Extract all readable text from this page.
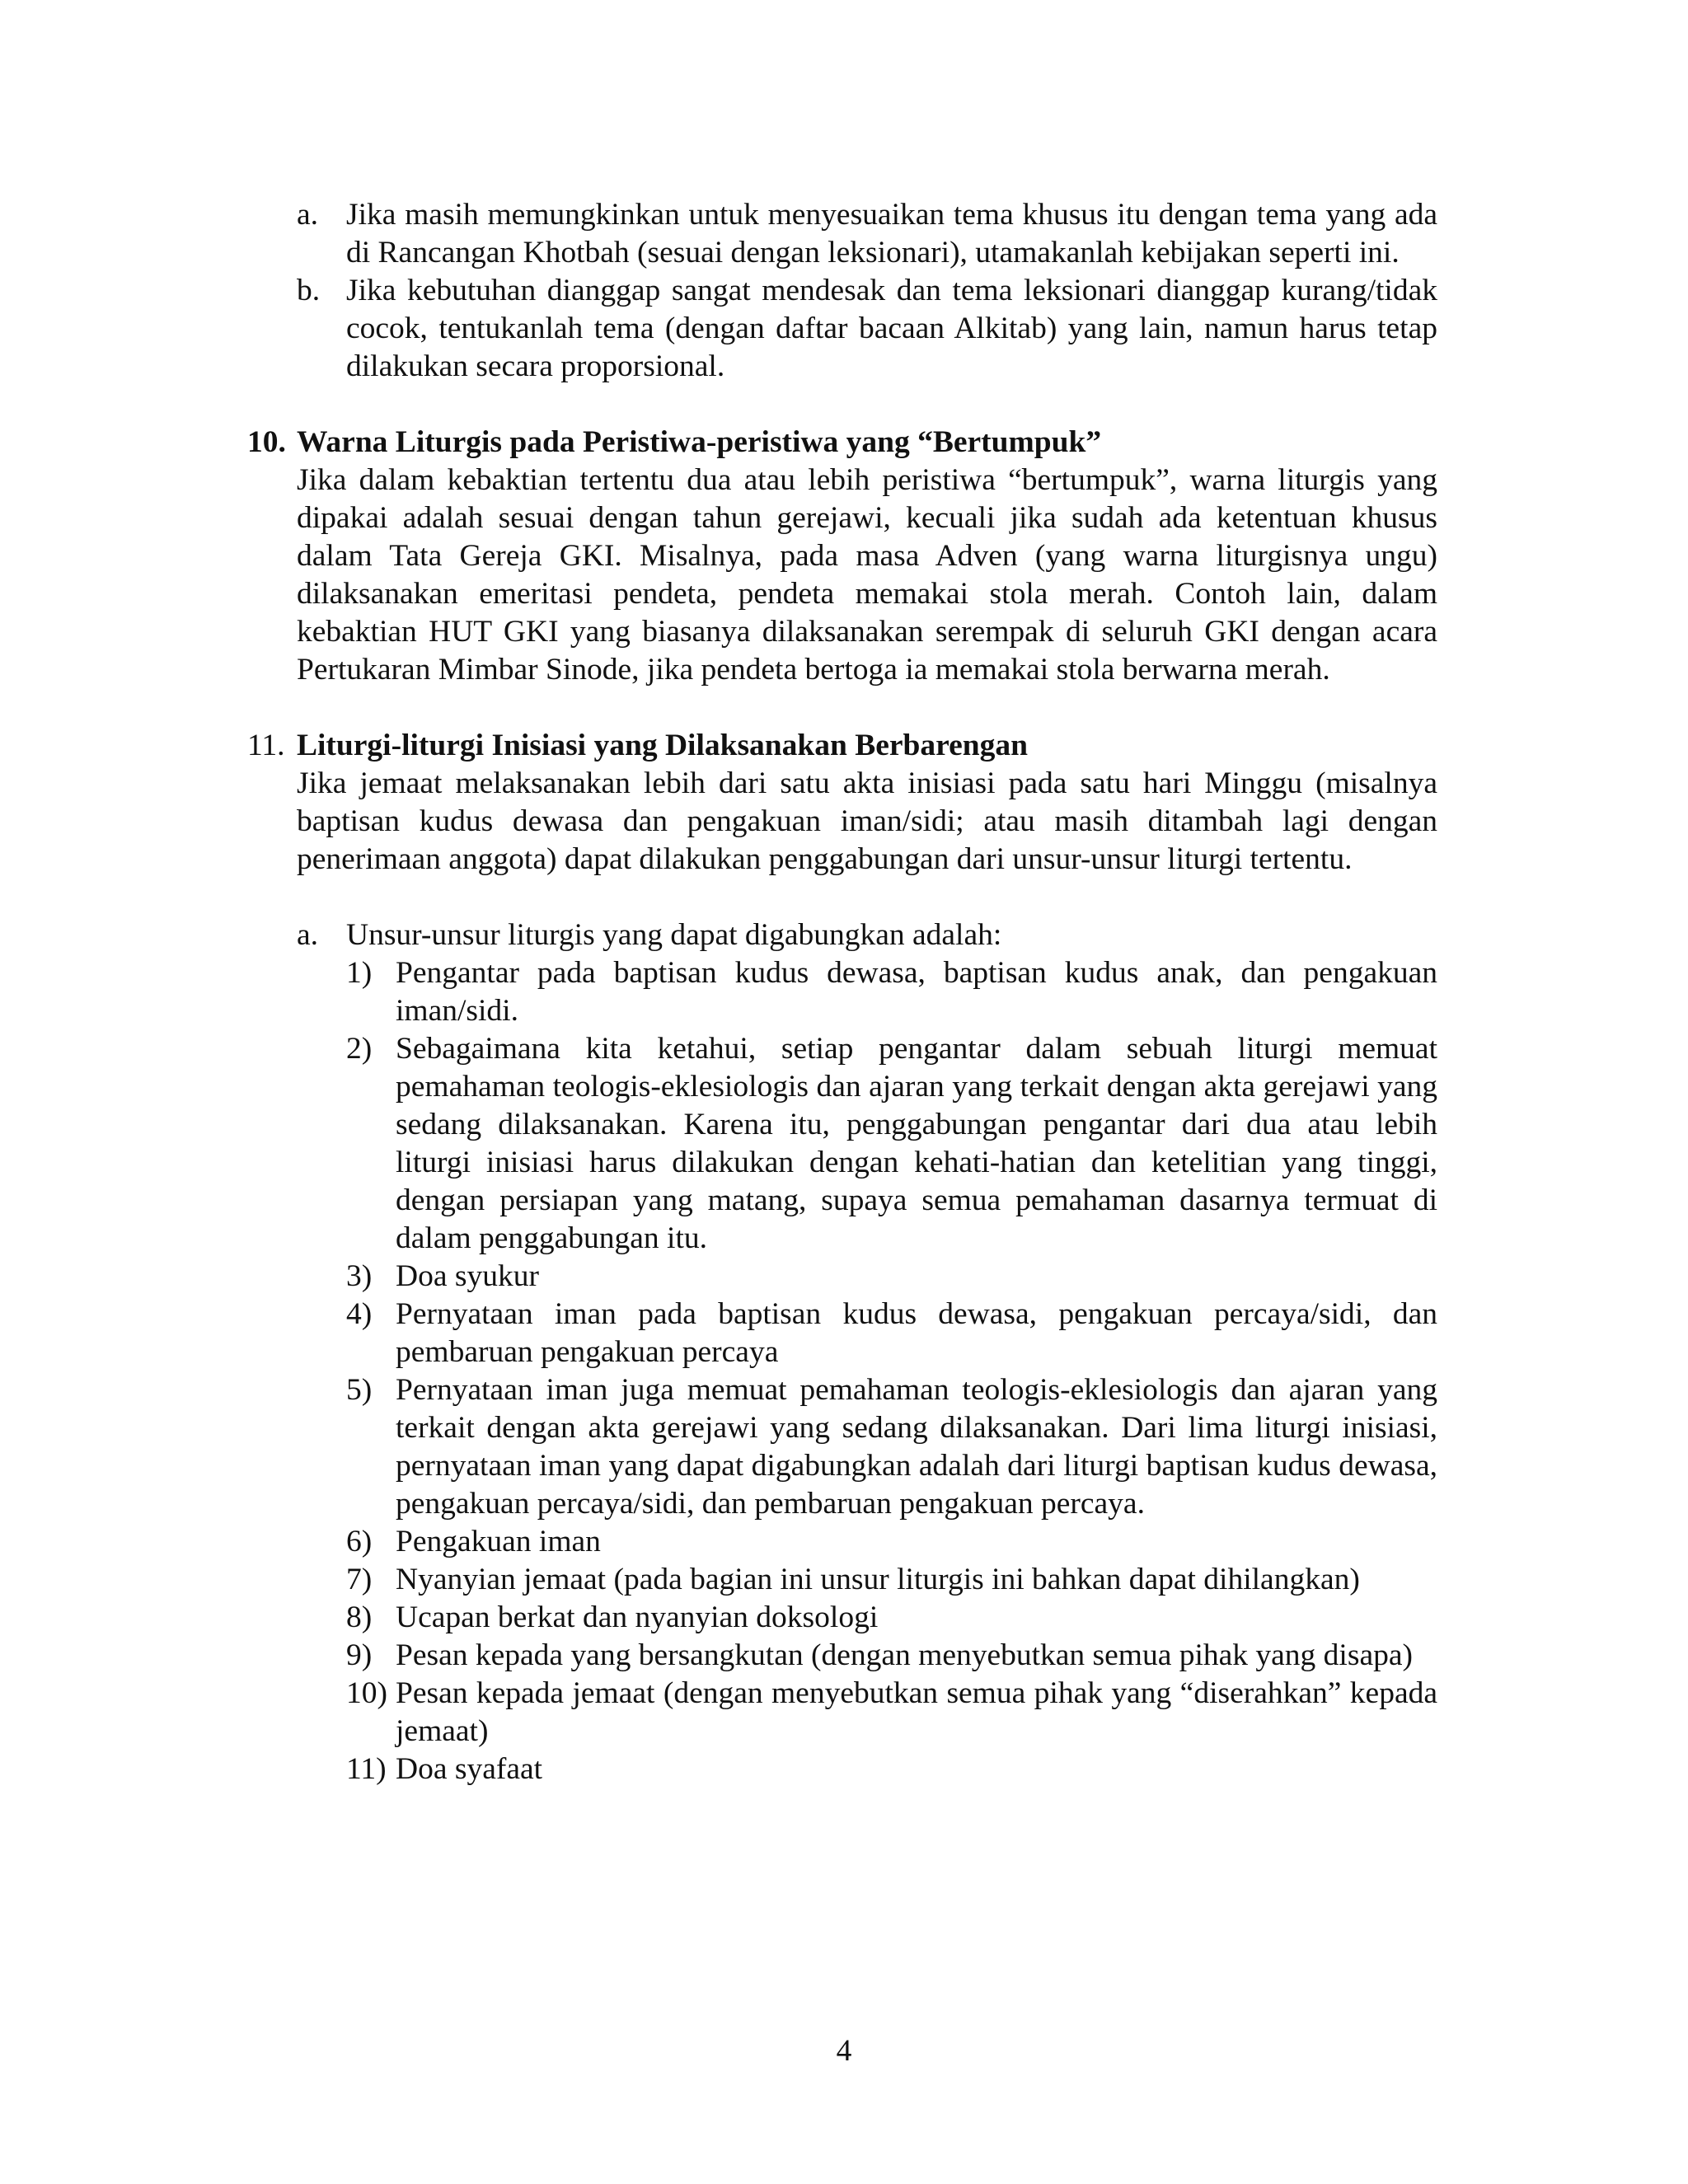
a. Jika masih memungkinkan untuk menyesuaikan tema khusus itu dengan tema yang ada di Rancangan Khotbah (sesuai dengan leksionari), utamakanlah kebijakan seperti ini.
b. Jika kebutuhan dianggap sangat mendesak dan tema leksionari dianggap kurang/tidak cocok, tentukanlah tema (dengan daftar bacaan Alkitab) yang lain, namun harus tetap dilakukan secara proporsional.
10. Warna Liturgis pada Peristiwa-peristiwa yang “Bertumpuk”
Jika dalam kebaktian tertentu dua atau lebih peristiwa “bertumpuk”, warna liturgis yang dipakai adalah sesuai dengan tahun gerejawi, kecuali jika sudah ada ketentuan khusus dalam Tata Gereja GKI. Misalnya, pada masa Adven (yang warna liturgisnya ungu) dilaksanakan emeritasi pendeta, pendeta memakai stola merah. Contoh lain, dalam kebaktian HUT GKI yang biasanya dilaksanakan serempak di seluruh GKI dengan acara Pertukaran Mimbar Sinode, jika pendeta bertoga ia memakai stola berwarna merah.
11. Liturgi-liturgi Inisiasi yang Dilaksanakan Berbarengan
Jika jemaat melaksanakan lebih dari satu akta inisiasi pada satu hari Minggu (misalnya baptisan kudus dewasa dan pengakuan iman/sidi; atau masih ditambah lagi dengan penerimaan anggota) dapat dilakukan penggabungan dari unsur-unsur liturgi tertentu.
a. Unsur-unsur liturgis yang dapat digabungkan adalah:
1) Pengantar pada baptisan kudus dewasa, baptisan kudus anak, dan pengakuan iman/sidi.
2) Sebagaimana kita ketahui, setiap pengantar dalam sebuah liturgi memuat pemahaman teologis-eklesiologis dan ajaran yang terkait dengan akta gerejawi yang sedang dilaksanakan. Karena itu, penggabungan pengantar dari dua atau lebih liturgi inisiasi harus dilakukan dengan kehati-hatian dan ketelitian yang tinggi, dengan persiapan yang matang, supaya semua pemahaman dasarnya termuat di dalam penggabungan itu.
3) Doa syukur
4) Pernyataan iman pada baptisan kudus dewasa, pengakuan percaya/sidi, dan pembaruan pengakuan percaya
5) Pernyataan iman juga memuat pemahaman teologis-eklesiologis dan ajaran yang terkait dengan akta gerejawi yang sedang dilaksanakan. Dari lima liturgi inisiasi, pernyataan iman yang dapat digabungkan adalah dari liturgi baptisan kudus dewasa, pengakuan percaya/sidi, dan pembaruan pengakuan percaya.
6) Pengakuan iman
7) Nyanyian jemaat (pada bagian ini unsur liturgis ini bahkan dapat dihilangkan)
8) Ucapan berkat dan nyanyian doksologi
9) Pesan kepada yang bersangkutan (dengan menyebutkan semua pihak yang disapa)
10) Pesan kepada jemaat (dengan menyebutkan semua pihak yang “diserahkan” kepada jemaat)
11) Doa syafaat
4
